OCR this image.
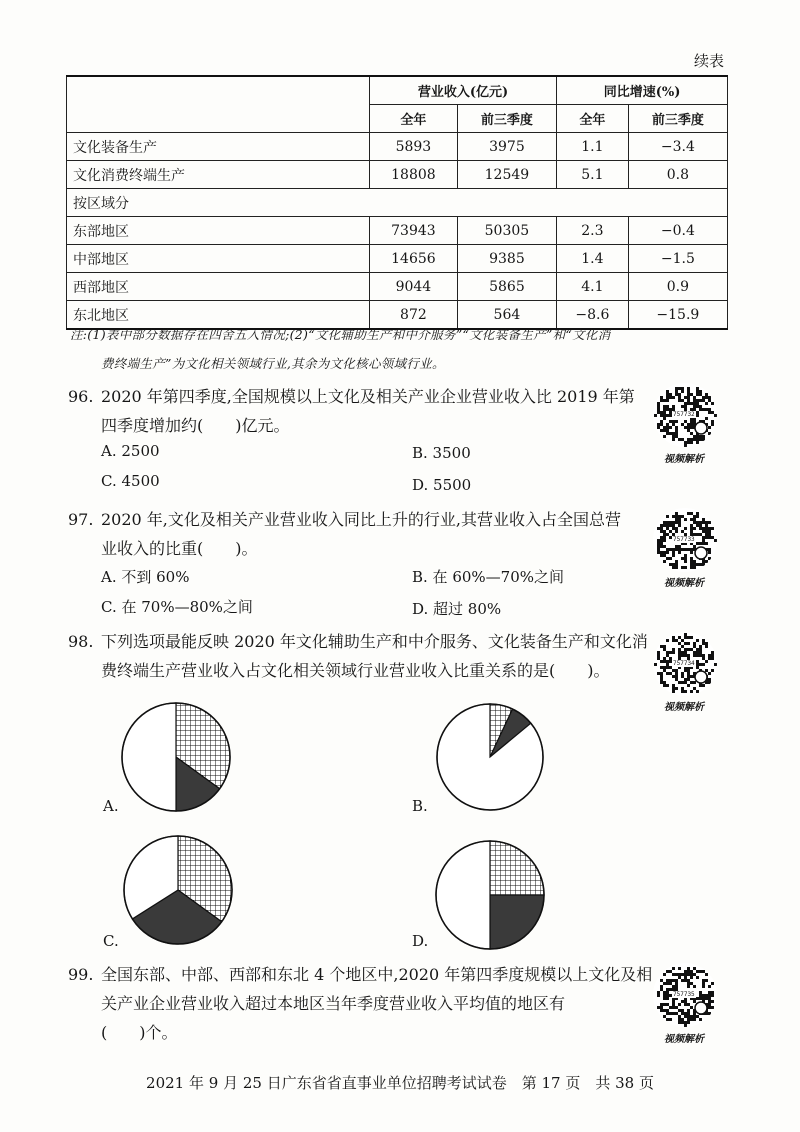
续表
	营业收入(亿元)		同比增速(%)	
	全年	前三季度	全年	前三季度
文化装备生产	5893	3975	1.1	−3.4
文化消费终端生产	18808	12549	5.1	0.8
按区域分				
东部地区	73943	50305	2.3	−0.4
中部地区	14656	9385	1.4	−1.5
西部地区	9044	5865	4.1	0.9
东北地区	872	564	−8.6	−15.9
注:(1)表中部分数据存在四舍五入情况;(2)“文化辅助生产和中介服务”“文化装备生产”和“文化消
费终端生产”为文化相关领域行业,其余为文化核心领域行业。
96. 2020 年第四季度,全国规模以上文化及相关产业企业营业收入比 2019 年第
四季度增加约(　　)亿元。
A. 2500	B. 3500
C. 4500	D. 5500
97. 2020 年,文化及相关产业营业收入同比上升的行业,其营业收入占全国总营
业收入的比重(　　)。
A. 不到 60%	B. 在 60%—70%之间
C. 在 70%—80%之间	D. 超过 80%
98. 下列选项最能反映 2020 年文化辅助生产和中介服务、文化装备生产和文化消
费终端生产营业收入占文化相关领域行业营业收入比重关系的是(　　)。
A.	B.
C.	D.
99. 全国东部、中部、西部和东北 4 个地区中,2020 年第四季度规模以上文化及相
关产业企业营业收入超过本地区当年季度营业收入平均值的地区有
(　　)个。
757732
视频解析
757733
视频解析
757734
视频解析
757735
视频解析
2021 年 9 月 25 日广东省省直事业单位招聘考试试卷　第 17 页　共 38 页
